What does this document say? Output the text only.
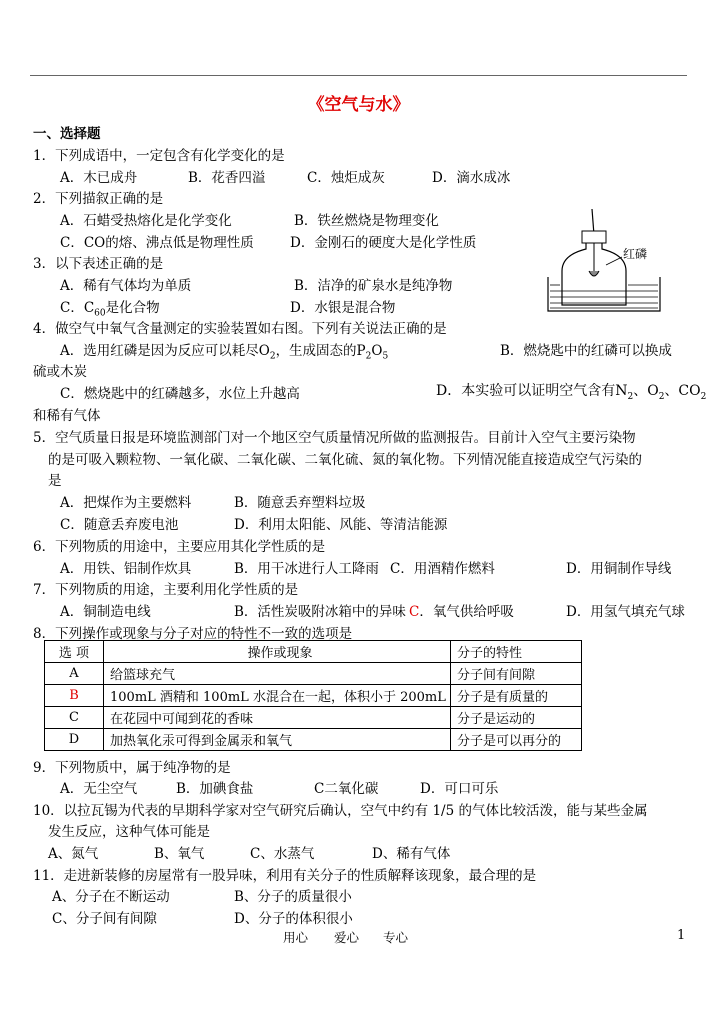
《空气与水》
一、选择题
1．下列成语中，一定包含有化学变化的是
A．木已成舟	B．花香四溢	C．烛炬成灰	D．滴水成冰
2．下列描叙正确的是
A．石蜡受热熔化是化学变化	B．铁丝燃烧是物理变化
C．CO的熔、沸点低是物理性质	D．金刚石的硬度大是化学性质
3．以下表述正确的是
A．稀有气体均为单质	B．洁净的矿泉水是纯净物
C．$C_{60}$是化合物	D．水银是混合物
红磷
4．做空气中氧气含量测定的实验装置如右图。下列有关说法正确的是
A．选用红磷是因为反应可以耗尽$O_2$，生成固态的$P_2O_5$	B．燃烧匙中的红磷可以换成
硫或木炭
C．燃烧匙中的红磷越多，水位上升越高	D．本实验可以证明空气含有$N_2$、$O_2$、$CO_2$
和稀有气体
5．空气质量日报是环境监测部门对一个地区空气质量情况所做的监测报告。目前计入空气主要污染物
的是可吸入颗粒物、一氧化碳、二氧化碳、二氧化硫、氮的氧化物。下列情况能直接造成空气污染的
是
A．把煤作为主要燃料	B．随意丢弃塑料垃圾
C．随意丢弃废电池	D．利用太阳能、风能、等清洁能源
6．下列物质的用途中，主要应用其化学性质的是
A．用铁、铝制作炊具	B．用干冰进行人工降雨 C．用酒精作燃料	D．用铜制作导线
7．下列物质的用途，主要利用化学性质的是
A．铜制造电线	B．活性炭吸附冰箱中的异味 C．氧气供给呼吸	D．用氢气填充气球
8．下列操作或现象与分子对应的特性不一致的选项是
选 项	操作或现象	分子的特性
A	给篮球充气	分子间有间隙
B	100mL 酒精和 100mL 水混合在一起，体积小于 200mL	分子是有质量的
C	在花园中可闻到花的香味	分子是运动的
D	加热氧化汞可得到金属汞和氧气	分子是可以再分的
9．下列物质中，属于纯净物的是
A．无尘空气	B．加碘食盐	C二氧化碳	D．可口可乐
10．以拉瓦锡为代表的早期科学家对空气研究后确认，空气中约有 1/5 的气体比较活泼，能与某些金属
发生反应，这种气体可能是
A、氮气	B、氧气	C、水蒸气	D、稀有气体
11．走进新装修的房屋常有一股异味，利用有关分子的性质解释该现象，最合理的是
A、分子在不断运动	B、分子的质量很小
C、分子间有间隙	D、分子的体积很小
用心 爱心 专心	1
